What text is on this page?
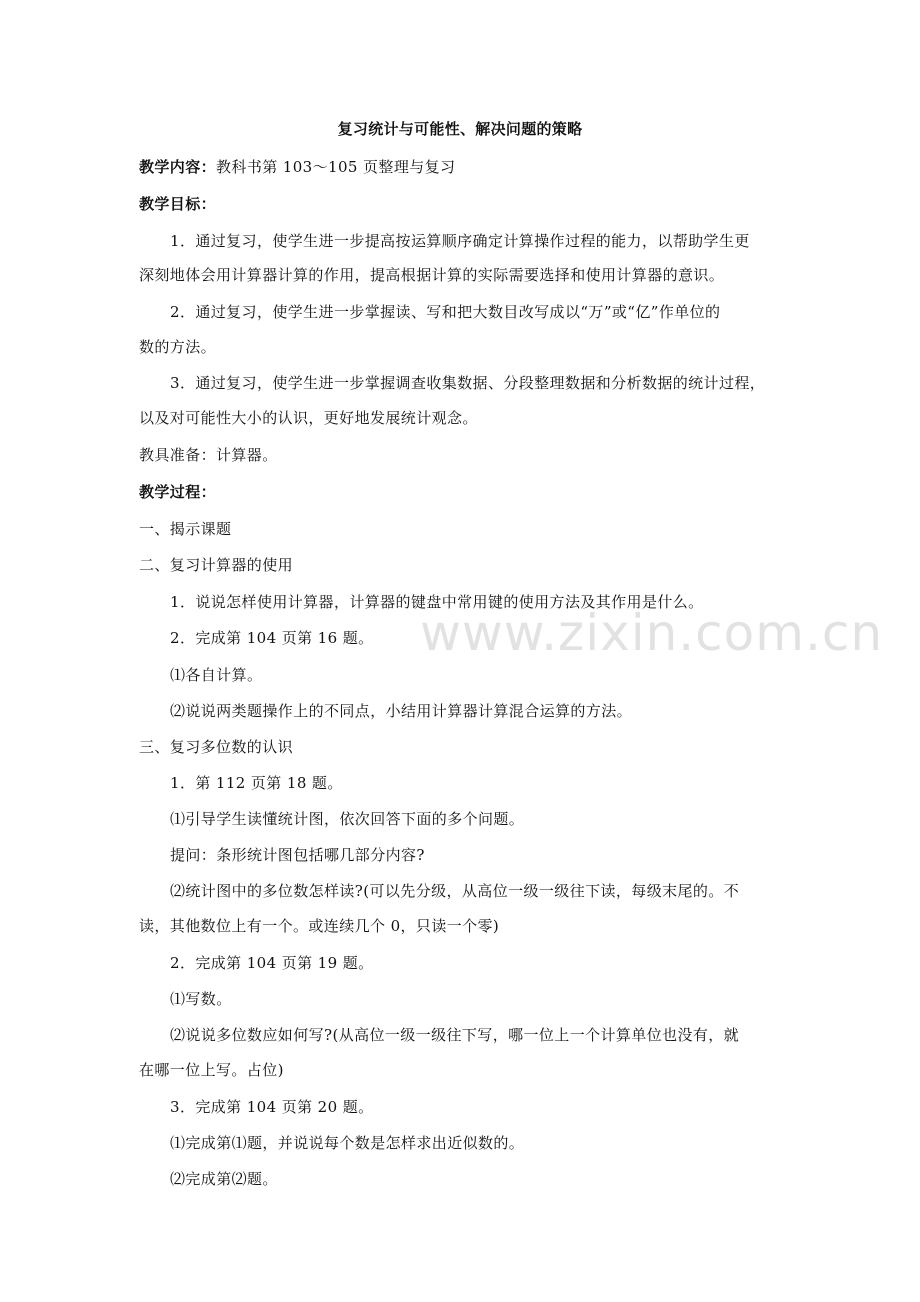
复习统计与可能性、解决问题的策略
教学内容：教科书第 103～105 页整理与复习
教学目标：
1．通过复习，使学生进一步提高按运算顺序确定计算操作过程的能力，以帮助学生更
深刻地体会用计算器计算的作用，提高根据计算的实际需要选择和使用计算器的意识。
2．通过复习，使学生进一步掌握读、写和把大数目改写成以“万”或“亿”作单位的
数的方法。
3．通过复习，使学生进一步掌握调查收集数据、分段整理数据和分析数据的统计过程，
以及对可能性大小的认识，更好地发展统计观念。
教具准备：计算器。
教学过程：
一、揭示课题
二、复习计算器的使用
1．说说怎样使用计算器，计算器的键盘中常用键的使用方法及其作用是什么。
2．完成第 104 页第 16 题。
⑴各自计算。
⑵说说两类题操作上的不同点，小结用计算器计算混合运算的方法。
三、复习多位数的认识
1．第 112 页第 18 题。
⑴引导学生读懂统计图，依次回答下面的多个问题。
提问：条形统计图包括哪几部分内容?
⑵统计图中的多位数怎样读?(可以先分级，从高位一级一级往下读，每级末尾的。不
读，其他数位上有一个。或连续几个 0，只读一个零)
2．完成第 104 页第 19 题。
⑴写数。
⑵说说多位数应如何写?(从高位一级一级往下写，哪一位上一个计算单位也没有，就
在哪一位上写。占位)
3．完成第 104 页第 20 题。
⑴完成第⑴题，并说说每个数是怎样求出近似数的。
⑵完成第⑵题。
www.zixin.com.cn
